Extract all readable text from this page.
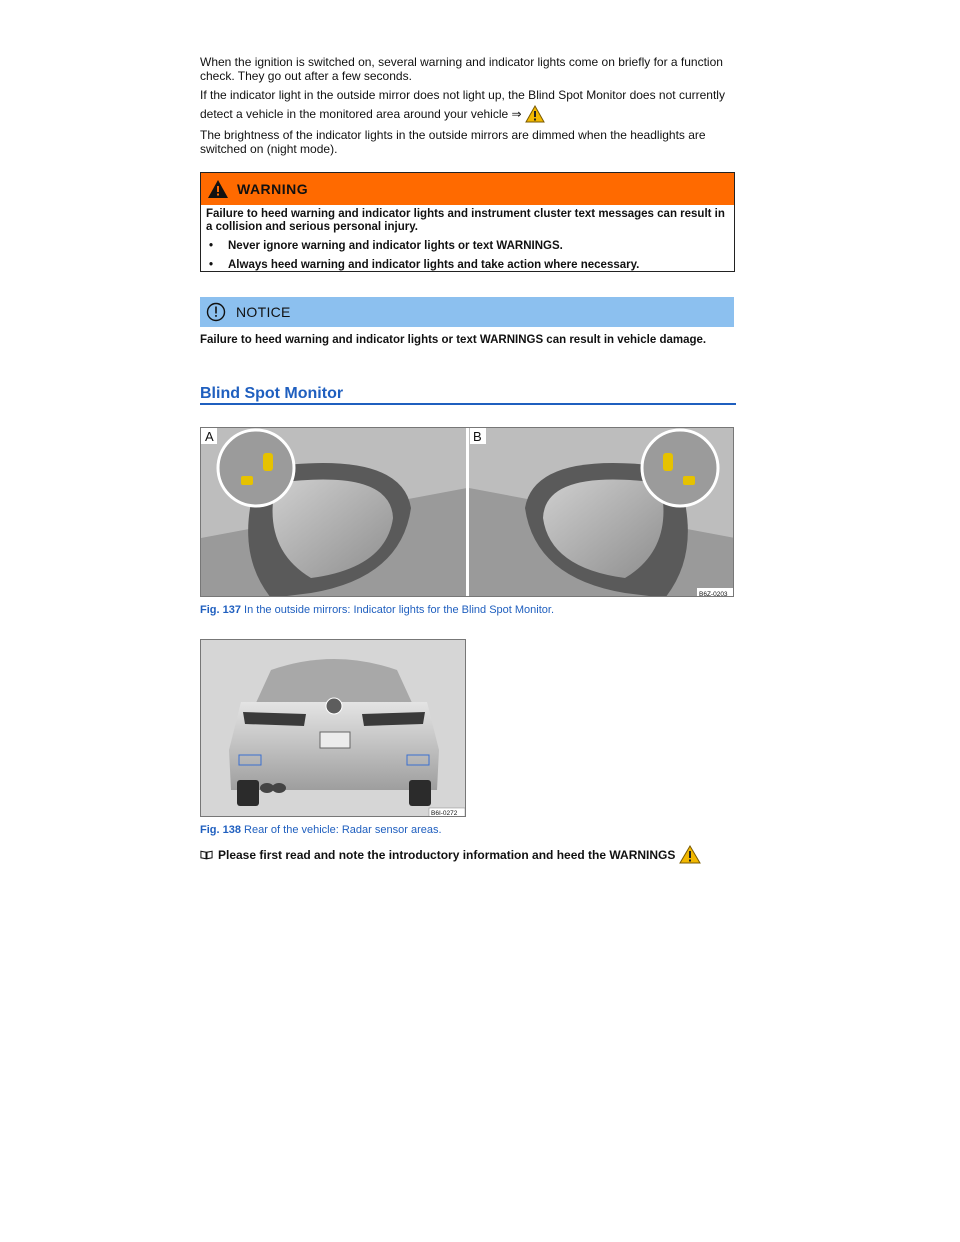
When the ignition is switched on, several warning and indicator lights come on briefly for a function check. They go out after a few seconds.

If the indicator light in the outside mirror does not light up, the Blind Spot Monitor does not currently

detect a vehicle in the monitored area around your vehicle ⇒

The brightness of the indicator lights in the outside mirrors are dimmed when the headlights are switched on (night mode).

WARNING

Failure to heed warning and indicator lights and instrument cluster text messages can result in a collision and serious personal injury.

•	Never ignore warning and indicator lights or text WARNINGS.
•	Always heed warning and indicator lights and take action where necessary.
NOTICE

Failure to heed warning and indicator lights or text WARNINGS can result in vehicle damage.

Blind Spot Monitor
A	B
B6Z-0203

Fig. 137 In the outside mirrors: Indicator lights for the Blind Spot Monitor.

B6I-0272

Fig. 138 Rear of the vehicle: Radar sensor areas.

Please first read and note the introductory information and heed the WARNINGS
